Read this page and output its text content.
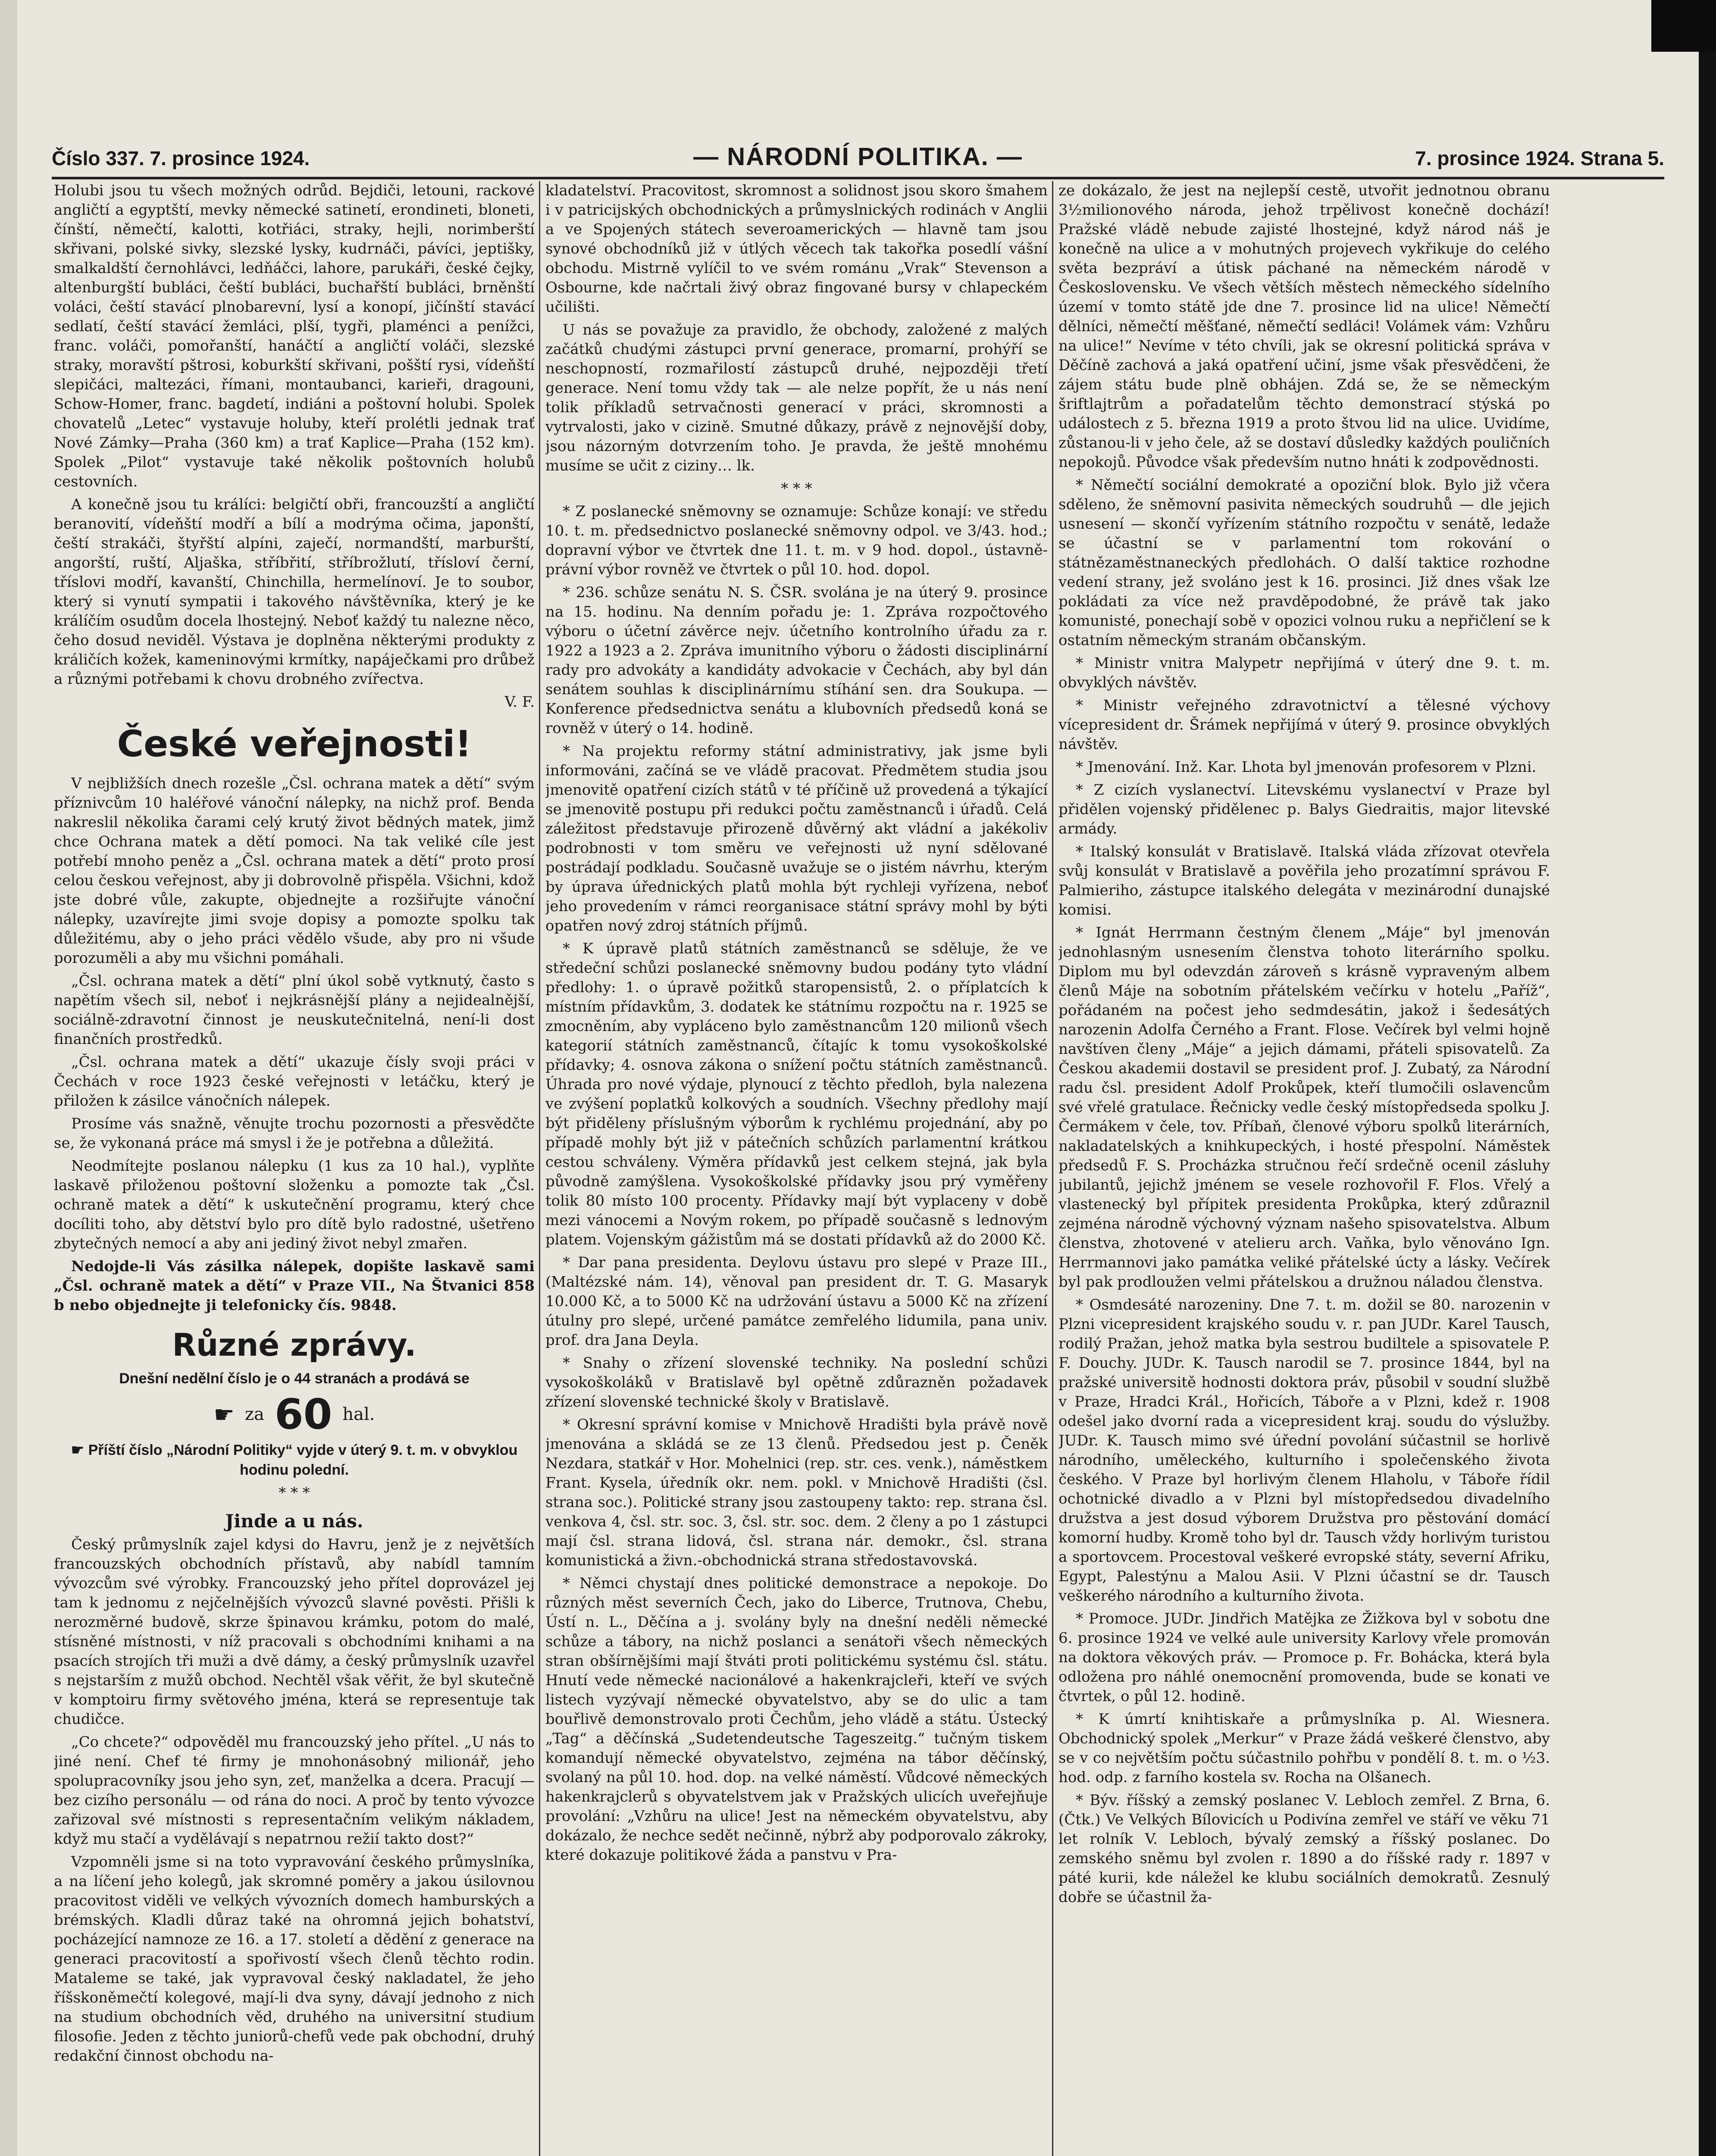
Číslo 337. 7. prosince 1924.	— NÁRODNÍ POLITIKA. —	7. prosince 1924. Strana 5.

Holubi jsou tu všech možných odrůd. Bejdiči, letouni, rackové angličtí a egyptští, mevky německé satinetí, erondineti, bloneti, čínští, němečtí, kalotti, kotřiáci, straky, hejli, norimberští skřivani, polské sivky, slezské lysky, kudrnáči, pávíci, jeptišky, smalkaldští černohlávci, ledňáčci, lahore, parukáři, české čejky, altenburgští bubláci, čeští bubláci, buchařští bubláci, brněnští voláci, čeští stavácí plnobarevní, lysí a konopí, jičínští stavácí sedlatí, čeští stavácí žemláci, plší, tygři, plaménci a penížci, franc. voláči, pomořanští, hanáčtí a angličtí voláči, slezské straky, moravští pštrosi, koburkští skřivani, pošští rysi, vídeňští slepičáci, maltezáci, římani, montaubanci, karieři, dragouni, Schow-Homer, franc. bagdetí, indiáni a poštovní holubi. Spolek chovatelů „Letec“ vystavuje holuby, kteří prolétli jednak trať Nové Zámky—Praha (360 km) a trať Kaplice—Praha (152 km). Spolek „Pilot“ vystavuje také několik poštovních holubů cestovních.

A konečně jsou tu králíci: belgičtí obři, francouzští a angličtí beranovití, vídeňští modří a bílí a modrýma očima, japonští, čeští strakáči, štyřští alpíni, zaječí, normandští, marburští, angorští, ruští, Aljaška, stříbřití, stříbrožlutí, třísloví černí, tříslovi modří, kavanští, Chinchilla, hermelínoví. Je to soubor, který si vynutí sympatii i takového návštěvníka, který je ke králíčím osudům docela lhostejný. Neboť každý tu nalezne něco, čeho dosud neviděl. Výstava je doplněna některými produkty z králičích kožek, kameninovými krmítky, napáječkami pro drůbež a různými potřebami k chovu drobného zvířectva.

V. F.
České veřejnosti!

V nejbližších dnech rozešle „Čsl. ochrana matek a dětí“ svým příznivcům 10 haléřové vánoční nálepky, na nichž prof. Benda nakreslil několika čarami celý krutý život bědných matek, jimž chce Ochrana matek a dětí pomoci. Na tak veliké cíle jest potřebí mnoho peněz a „Čsl. ochrana matek a dětí“ proto prosí celou českou veřejnost, aby ji dobrovolně přispěla. Všichni, kdož jste dobré vůle, zakupte, objednejte a rozšiřujte vánoční nálepky, uzavírejte jimi svoje dopisy a pomozte spolku tak důležitému, aby o jeho práci vědělo všude, aby pro ni všude porozuměli a aby mu všichni pomáhali.

„Čsl. ochrana matek a dětí“ plní úkol sobě vytknutý, často s napětím všech sil, neboť i nejkrásnější plány a nejidealnější, sociálně-zdravotní činnost je neuskutečnitelná, není-li dost finančních prostředků.

„Čsl. ochrana matek a dětí“ ukazuje čísly svoji práci v Čechách v roce 1923 české veřejnosti v letáčku, který je přiložen k zásilce vánočních nálepek.

Prosíme vás snažně, věnujte trochu pozornosti a přesvědčte se, že vykonaná práce má smysl i že je potřebna a důležitá.

Neodmítejte poslanou nálepku (1 kus za 10 hal.), vyplňte laskavě přiloženou poštovní složenku a pomozte tak „Čsl. ochraně matek a dětí“ k uskutečnění programu, který chce docíliti toho, aby dětství bylo pro dítě bylo radostné, ušetřeno zbytečných nemocí a aby ani jediný život nebyl zmařen.

Nedojde-li Vás zásilka nálepek, dopište laskavě sami „Čsl. ochraně matek a dětí“ v Praze VII., Na Štvanici 858 b nebo objednejte ji telefonicky čís. 9848.

Různé zprávy.
Dnešní nedělní číslo je o 44 stranách a prodává se
☛ za 60 hal.
☛ Příští číslo „Národní Politiky“ vyjde v úterý 9. t. m. v obvyklou hodinu polední.
* * *
Jinde a u nás.

Český průmyslník zajel kdysi do Havru, jenž je z největších francouzských obchodních přístavů, aby nabídl tamním vývozcům své výrobky. Francouzský jeho přítel doprovázel jej tam k jednomu z nejčelnějších vývozců slavné pověsti. Přišli k nerozměrné budově, skrze špinavou krámku, potom do malé, stísněné místnosti, v níž pracovali s obchodními knihami a na psacích strojích tři muži a dvě dámy, a český průmyslník uzavřel s nejstarším z mužů obchod. Nechtěl však věřit, že byl skutečně v komptoiru firmy světového jména, která se representuje tak chudičce.

„Co chcete?“ odpověděl mu francouzský jeho přítel. „U nás to jiné není. Chef té firmy je mnohonásobný milionář, jeho spolupracovníky jsou jeho syn, zeť, manželka a dcera. Pracují — bez cizího personálu — od rána do noci. A proč by tento vývozce zařizoval své místnosti s representačním velikým nákladem, když mu stačí a vydělávají s nepatrnou režií takto dost?“

Vzpomněli jsme si na toto vypravování českého průmyslníka, a na líčení jeho kolegů, jak skromné poměry a jakou úsilovnou pracovitost viděli ve velkých vývozních domech hamburských a brémských. Kladli důraz také na ohromná jejich bohatství, pocházející namnoze ze 16. a 17. století a dědění z generace na generaci pracovitostí a spořivostí všech členů těchto rodin. Mataleme se také, jak vypravoval český nakladatel, že jeho říšskoněmečtí kolegové, mají-li dva syny, dávají jednoho z nich na studium obchodních věd, druhého na universitní studium filosofie. Jeden z těchto juniorů-chefů vede pak obchodní, druhý redakční činnost obchodu na-

kladatelství. Pracovitost, skromnost a solidnost jsou skoro šmahem i v patricijských obchodnických a průmyslnických rodinách v Anglii a ve Spojených státech severoamerických — hlavně tam jsou synové obchodníků již v útlých věcech tak takořka posedlí vášní obchodu. Mistrně vylíčil to ve svém románu „Vrak“ Stevenson a Osbourne, kde načrtali živý obraz fingované bursy v chlapeckém učilišti.

U nás se považuje za pravidlo, že obchody, založené z malých začátků chudými zástupci první generace, promarní, prohýří se neschopností, rozmařilostí zástupců druhé, nejpozději třetí generace. Není tomu vždy tak — ale nelze popřít, že u nás není tolik příkladů setrvačnosti generací v práci, skromnosti a vytrvalosti, jako v cizině. Smutné důkazy, právě z nejnovější doby, jsou názorným dotvrzením toho. Je pravda, že ještě mnohému musíme se učit z ciziny… lk.

* * *

* Z poslanecké sněmovny se oznamuje: Schůze konají: ve středu 10. t. m. předsednictvo poslanecké sněmovny odpol. ve 3/43. hod.; dopravní výbor ve čtvrtek dne 11. t. m. v 9 hod. dopol., ústavně-právní výbor rovněž ve čtvrtek o půl 10. hod. dopol.

* 236. schůze senátu N. S. ČSR. svolána je na úterý 9. prosince na 15. hodinu. Na denním pořadu je: 1. Zpráva rozpočtového výboru o účetní závěrce nejv. účetního kontrolního úřadu za r. 1922 a 1923 a 2. Zpráva imunitního výboru o žádosti disciplinární rady pro advokáty a kandidáty advokacie v Čechách, aby byl dán senátem souhlas k disciplinárnímu stíhání sen. dra Soukupa. — Konference předsednictva senátu a klubovních předsedů koná se rovněž v úterý o 14. hodině.

* Na projektu reformy státní administrativy, jak jsme byli informováni, začíná se ve vládě pracovat. Předmětem studia jsou jmenovitě opatření cizích států v té příčině už provedená a týkající se jmenovitě postupu při redukci počtu zaměstnanců i úřadů. Celá záležitost představuje přirozeně důvěrný akt vládní a jakékoliv podrobnosti v tom směru ve veřejnosti už nyní sdělované postrádají podkladu. Současně uvažuje se o jistém návrhu, kterým by úprava úřednických platů mohla být rychleji vyřízena, neboť jeho provedením v rámci reorganisace státní správy mohl by býti opatřen nový zdroj státních příjmů.

* K úpravě platů státních zaměstnanců se sděluje, že ve středeční schůzi poslanecké sněmovny budou podány tyto vládní předlohy: 1. o úpravě požitků staropensistů, 2. o příplatcích k místním přídavkům, 3. dodatek ke státnímu rozpočtu na r. 1925 se zmocněním, aby vypláceno bylo zaměstnancům 120 milionů všech kategorií státních zaměstnanců, čítajíc k tomu vysokoškolské přídavky; 4. osnova zákona o snížení počtu státních zaměstnanců. Úhrada pro nové výdaje, plynoucí z těchto předloh, byla nalezena ve zvýšení poplatků kolkových a soudních. Všechny předlohy mají být přiděleny příslušným výborům k rychlému projednání, aby po případě mohly být již v pátečních schůzích parlamentní krátkou cestou schváleny. Výměra přídavků jest celkem stejná, jak byla původně zamýšlena. Vysokoškolské přídavky jsou prý vyměřeny tolik 80 místo 100 procenty. Přídavky mají být vyplaceny v době mezi vánocemi a Novým rokem, po případě současně s lednovým platem. Vojenským gážistům má se dostati přídavků až do 2000 Kč.

* Dar pana presidenta. Deylovu ústavu pro slepé v Praze III., (Maltézské nám. 14), věnoval pan president dr. T. G. Masaryk 10.000 Kč, a to 5000 Kč na udržování ústavu a 5000 Kč na zřízení útulny pro slepé, určené památce zemřelého lidumila, pana univ. prof. dra Jana Deyla.

* Snahy o zřízení slovenské techniky. Na poslední schůzi vysokoškoláků v Bratislavě byl opětně zdůrazněn požadavek zřízení slovenské technické školy v Bratislavě.

* Okresní správní komise v Mnichově Hradišti byla právě nově jmenována a skládá se ze 13 členů. Předsedou jest p. Čeněk Nezdara, statkář v Hor. Mohelnici (rep. str. ces. venk.), náměstkem Frant. Kysela, úředník okr. nem. pokl. v Mnichově Hradišti (čsl. strana soc.). Politické strany jsou zastoupeny takto: rep. strana čsl. venkova 4, čsl. str. soc. 3, čsl. str. soc. dem. 2 členy a po 1 zástupci mají čsl. strana lidová, čsl. strana nár. demokr., čsl. strana komunistická a živn.-obchodnická strana středostavovská.

* Němci chystají dnes politické demonstrace a nepokoje. Do různých měst severních Čech, jako do Liberce, Trutnova, Chebu, Ústí n. L., Děčína a j. svolány byly na dnešní neděli německé schůze a tábory, na nichž poslanci a senátoři všech německých stran obšírnějšími mají štváti proti politickému systému čsl. státu. Hnutí vede německé nacionálové a hakenkrajcleři, kteří ve svých listech vyzývají německé obyvatelstvo, aby se do ulic a tam bouřlivě demonstrovalo proti Čechům, jeho vládě a státu. Ústecký „Tag“ a děčínská „Sudetendeutsche Tageszeitg.“ tučným tiskem komandují německé obyvatelstvo, zejména na tábor děčínský, svolaný na půl 10. hod. dop. na velké náměstí. Vůdcové německých hakenkrajclerů s obyvatelstvem jak v Pražských ulicích uveřejňuje provolání: „Vzhůru na ulice! Jest na německém obyvatelstvu, aby dokázalo, že nechce sedět nečinně, nýbrž aby podporovalo zákroky, které dokazuje politikové žáda a panstvu v Pra-

ze dokázalo, že jest na nejlepší cestě, utvořit jednotnou obranu 3½milionového národa, jehož trpělivost konečně dochází! Pražské vládě nebude zajisté lhostejné, když národ náš je konečně na ulice a v mohutných projevech vykřikuje do celého světa bezpráví a útisk páchané na německém národě v Československu. Ve všech větších městech německého sídelního území v tomto státě jde dne 7. prosince lid na ulice! Němečtí dělníci, němečtí měšťané, němečtí sedláci! Volámek vám: Vzhůru na ulice!“ Nevíme v této chvíli, jak se okresní politická správa v Děčíně zachová a jaká opatření učiní, jsme však přesvědčeni, že zájem státu bude plně obhájen. Zdá se, že se německým šriftlajtrům a pořadatelům těchto demonstrací stýská po událostech z 5. března 1919 a proto štvou lid na ulice. Uvidíme, zůstanou-li v jeho čele, až se dostaví důsledky každých pouličních nepokojů. Původce však především nutno hnáti k zodpovědnosti.

* Němečtí sociální demokraté a opoziční blok. Bylo již včera sděleno, že sněmovní pasivita německých soudruhů — dle jejich usnesení — skončí vyřízením státního rozpočtu v senátě, ledaže se účastní se v parlamentní tom rokování o státnězaměstnaneckých předlohách. O další taktice rozhodne vedení strany, jež svoláno jest k 16. prosinci. Již dnes však lze pokládati za více než pravděpodobné, že právě tak jako komunisté, ponechají sobě v opozici volnou ruku a nepřičlení se k ostatním německým stranám občanským.

* Ministr vnitra Malypetr nepřijímá v úterý dne 9. t. m. obvyklých návštěv.

* Ministr veřejného zdravotnictví a tělesné výchovy vícepresident dr. Šrámek nepřijímá v úterý 9. prosince obvyklých návštěv.

* Jmenování. Inž. Kar. Lhota byl jmenován profesorem v Plzni.

* Z cizích vyslanectví. Litevskému vyslanectví v Praze byl přidělen vojenský přidělenec p. Balys Giedraitis, major litevské armády.

* Italský konsulát v Bratislavě. Italská vláda zřízovat otevřela svůj konsulát v Bratislavě a pověřila jeho prozatímní správou F. Palmieriho, zástupce italského delegáta v mezinárodní dunajské komisi.

* Ignát Herrmann čestným členem „Máje“ byl jmenován jednohlasným usnesením členstva tohoto literárního spolku. Diplom mu byl odevzdán zároveň s krásně vypraveným albem členů Máje na sobotním přátelském večírku v hotelu „Paříž“, pořádaném na počest jeho sedmdesátin, jakož i šedesátých narozenin Adolfa Černého a Frant. Flose. Večírek byl velmi hojně navštíven členy „Máje“ a jejich dámami, přáteli spisovatelů. Za Českou akademii dostavil se president prof. J. Zubatý, za Národní radu čsl. president Adolf Prokůpek, kteří tlumočili oslavencům své vřelé gratulace. Řečnicky vedle český místopředseda spolku J. Čermákem v čele, tov. Příbaň, členové výboru spolků literárních, nakladatelských a knihkupeckých, i hosté přespolní. Náměstek předsedů F. S. Procházka stručnou řečí srdečně ocenil zásluhy jubilantů, jejichž jménem se vesele rozhovořil F. Flos. Vřelý a vlastenecký byl přípitek presidenta Prokůpka, který zdůraznil zejména národně výchovný význam našeho spisovatelstva. Album členstva, zhotovené v atelieru arch. Vaňka, bylo věnováno Ign. Herrmannovi jako památka veliké přátelské úcty a lásky. Večírek byl pak prodloužen velmi přátelskou a družnou náladou členstva.

* Osmdesáté narozeniny. Dne 7. t. m. dožil se 80. narozenin v Plzni vicepresident krajského soudu v. r. pan JUDr. Karel Tausch, rodilý Pražan, jehož matka byla sestrou budiltele a spisovatele P. F. Douchy. JUDr. K. Tausch narodil se 7. prosince 1844, byl na pražské universitě hodnosti doktora práv, působil v soudní službě v Praze, Hradci Král., Hořicích, Táboře a v Plzni, kdež r. 1908 odešel jako dvorní rada a vicepresident kraj. soudu do výslužby. JUDr. K. Tausch mimo své úřední povolání súčastnil se horlivě národního, uměleckého, kulturního i společenského života českého. V Praze byl horlivým členem Hlaholu, v Táboře řídil ochotnické divadlo a v Plzni byl místopředsedou divadelního družstva a jest dosud výborem Družstva pro pěstování domácí komorní hudby. Kromě toho byl dr. Tausch vždy horlivým turistou a sportovcem. Procestoval veškeré evropské státy, severní Afriku, Egypt, Palestýnu a Malou Asii. V Plzni účastní se dr. Tausch veškerého národního a kulturního života.

* Promoce. JUDr. Jindřich Matějka ze Žižkova byl v sobotu dne 6. prosince 1924 ve velké aule university Karlovy vřele promován na doktora věkových práv. — Promoce p. Fr. Bohácka, která byla odložena pro náhlé onemocnění promovenda, bude se konati ve čtvrtek, o půl 12. hodině.

* K úmrtí knihtiskaře a průmyslníka p. Al. Wiesnera. Obchodnický spolek „Merkur“ v Praze žádá veškeré členstvo, aby se v co největším počtu súčastnilo pohřbu v pondělí 8. t. m. o ½3. hod. odp. z farního kostela sv. Rocha na Olšanech.

* Býv. říšský a zemský poslanec V. Lebloch zemřel. Z Brna, 6. (Čtk.) Ve Velkých Bílovicích u Podivína zemřel ve stáří ve věku 71 let rolník V. Lebloch, bývalý zemský a říšský poslanec. Do zemského sněmu byl zvolen r. 1890 a do říšské rady r. 1897 v páté kurii, kde náležel ke klubu sociálních demokratů. Zesnulý dobře se účastnil ža-
